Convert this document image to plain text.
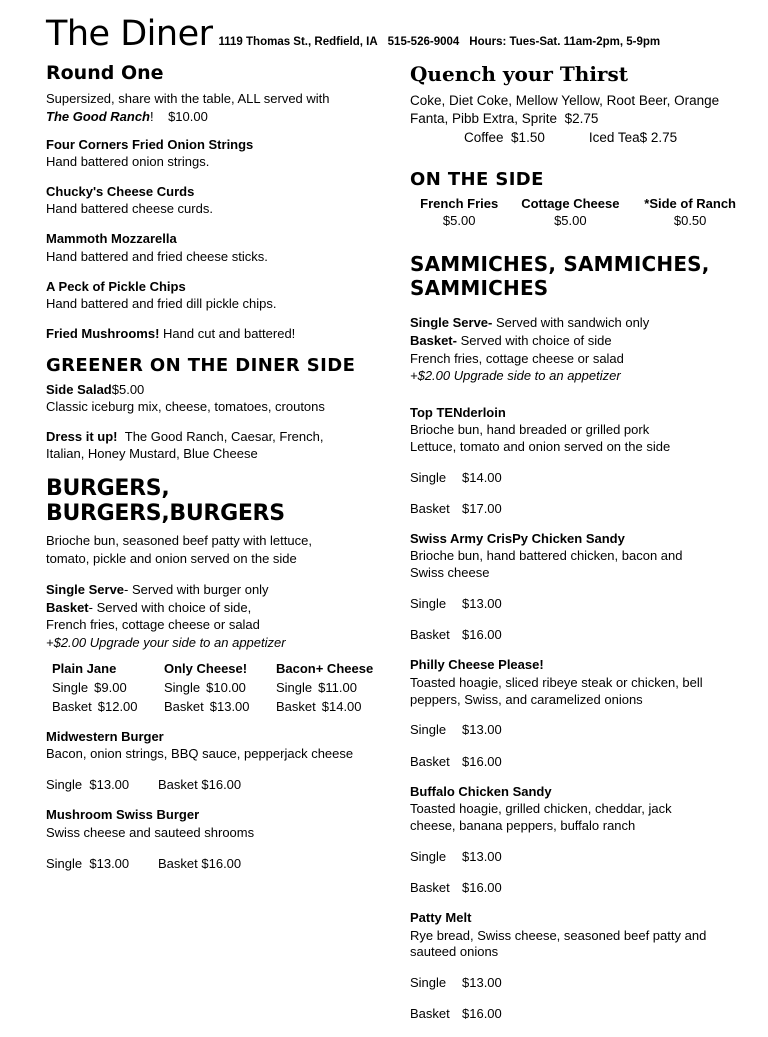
The Diner 1119 Thomas St., Redfield, IA 515-526-9004 Hours: Tues-Sat. 11am-2pm, 5-9pm
Round One

Supersized, share with the table, ALL served with
The Good Ranch! $10.00

Four Corners Fried Onion Strings

Hand battered onion strings.

Chucky's Cheese Curds

Hand battered cheese curds.

Mammoth Mozzarella

Hand battered and fried cheese sticks.

A Peck of Pickle Chips

Hand battered and fried dill pickle chips.

Fried Mushrooms! Hand cut and battered!

GREENER ON THE DINER SIDE

Side Salad$5.00

Classic iceburg mix, cheese, tomatoes, croutons

Dress it up! The Good Ranch, Caesar, French,

Italian, Honey Mustard, Blue Cheese

BURGERS, BURGERS,BURGERS

Brioche bun, seasoned beef patty with lettuce,

tomato, pickle and onion served on the side

Single Serve- Served with burger only

Basket- Served with choice of side,

French fries, cottage cheese or salad

+$2.00 Upgrade your side to an appetizer

Plain Jane
Single $9.00
Basket $12.00
Only Cheese!
Single $10.00
Basket $13.00
Bacon+ Cheese
Single $11.00
Basket $14.00

Midwestern Burger

Bacon, onion strings, BBQ sauce, pepperjack cheese

Single $13.00 Basket $16.00

Mushroom Swiss Burger

Swiss cheese and sauteed shrooms

Single $13.00 Basket $16.00

Quench your Thirst

Coke, Diet Coke, Mellow Yellow, Root Beer, Orange

Fanta, Pibb Extra, Sprite $2.75

Coffee $1.50	Iced Tea$ 2.75

ON THE SIDE
French Fries	Cottage Cheese	*Side of Ranch
$5.00	$5.00	$0.50
SAMMICHES, SAMMICHES, SAMMICHES

Single Serve- Served with sandwich only

Basket- Served with choice of side

French fries, cottage cheese or salad

+$2.00 Upgrade side to an appetizer

Top TENderloin

Brioche bun, hand breaded or grilled pork

Lettuce, tomato and onion served on the side

Single $14.00

Basket $17.00

Swiss Army CrisPy Chicken Sandy

Brioche bun, hand battered chicken, bacon and

Swiss cheese

Single $13.00

Basket $16.00

Philly Cheese Please!

Toasted hoagie, sliced ribeye steak or chicken, bell

peppers, Swiss, and caramelized onions

Single $13.00

Basket $16.00

Buffalo Chicken Sandy

Toasted hoagie, grilled chicken, cheddar, jack

cheese, banana peppers, buffalo ranch

Single $13.00

Basket $16.00

Patty Melt

Rye bread, Swiss cheese, seasoned beef patty and

sauteed onions

Single $13.00

Basket $16.00
